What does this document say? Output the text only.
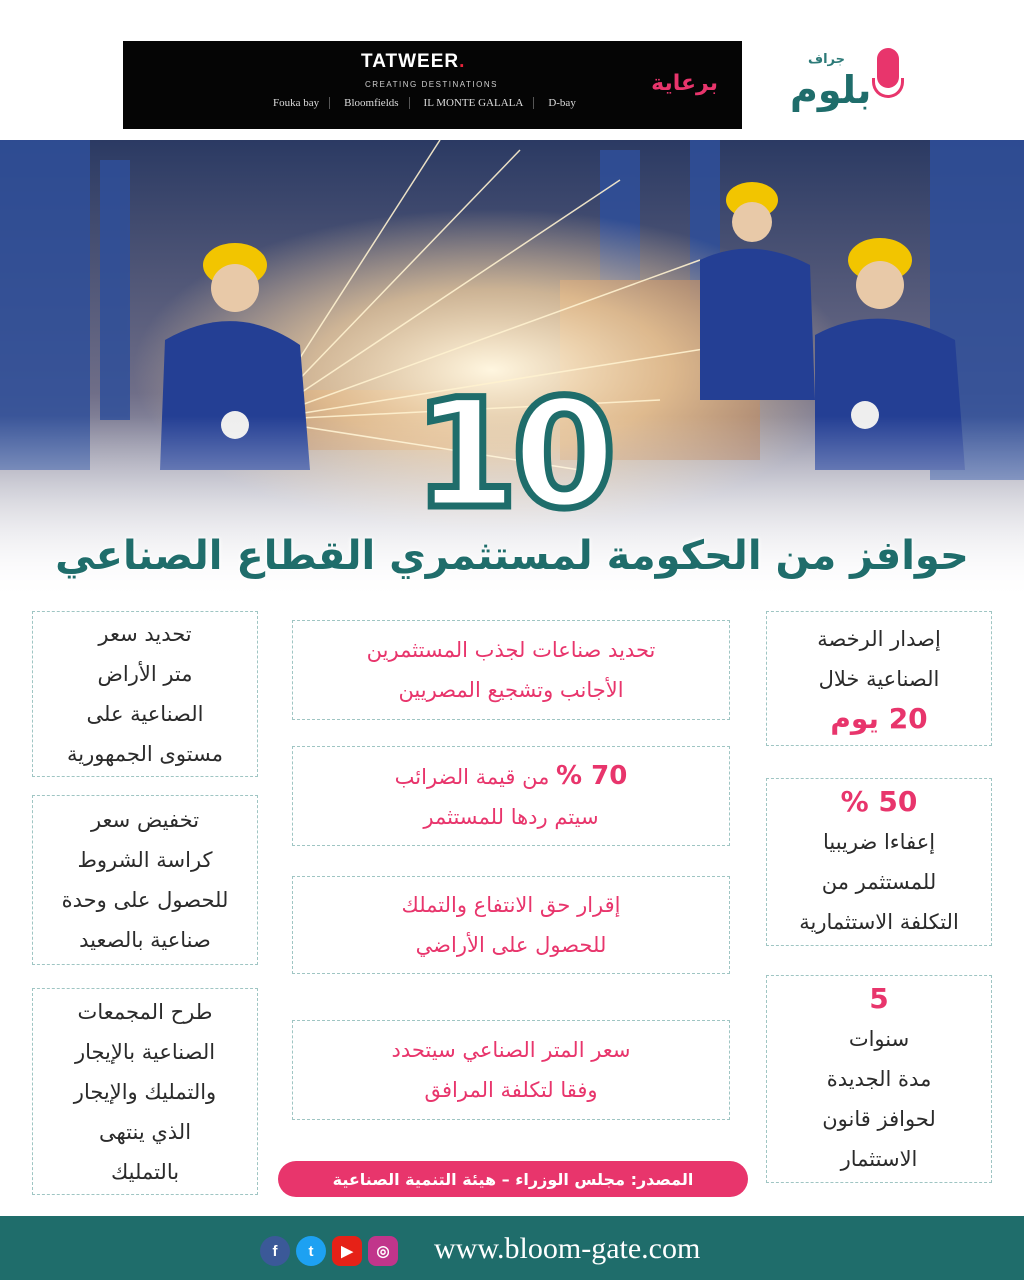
TATWEER.
CREATING DESTINATIONS
Fouka bay	Bloomfields	IL MONTE GALALA	D-bay
برعاية
جراف
بلوم
10
حوافز من الحكومة لمستثمري القطاع الصناعي
إصدار الرخصة
الصناعية خلال
20 يوم
50 %
إعفاءا ضريبيا
للمستثمر من
التكلفة الاستثمارية
5
سنوات
مدة الجديدة
لحوافز قانون
الاستثمار
تحديد صناعات لجذب المستثمرين
الأجانب وتشجيع المصريين
70 % من قيمة الضرائب
سيتم ردها للمستثمر
إقرار حق الانتفاع والتملك
للحصول على الأراضي
سعر المتر الصناعي سيتحدد
وفقا لتكلفة المرافق
تحديد سعر
متر الأراض
الصناعية على
مستوى الجمهورية
تخفيض سعر
كراسة الشروط
للحصول على وحدة
صناعية بالصعيد
طرح المجمعات
الصناعية بالإيجار
والتمليك والإيجار
الذي ينتهى
بالتمليك	المصدر: مجلس الوزراء – هيئة التنمية الصناعية
f	t	▶	◎ www.bloom-gate.com
